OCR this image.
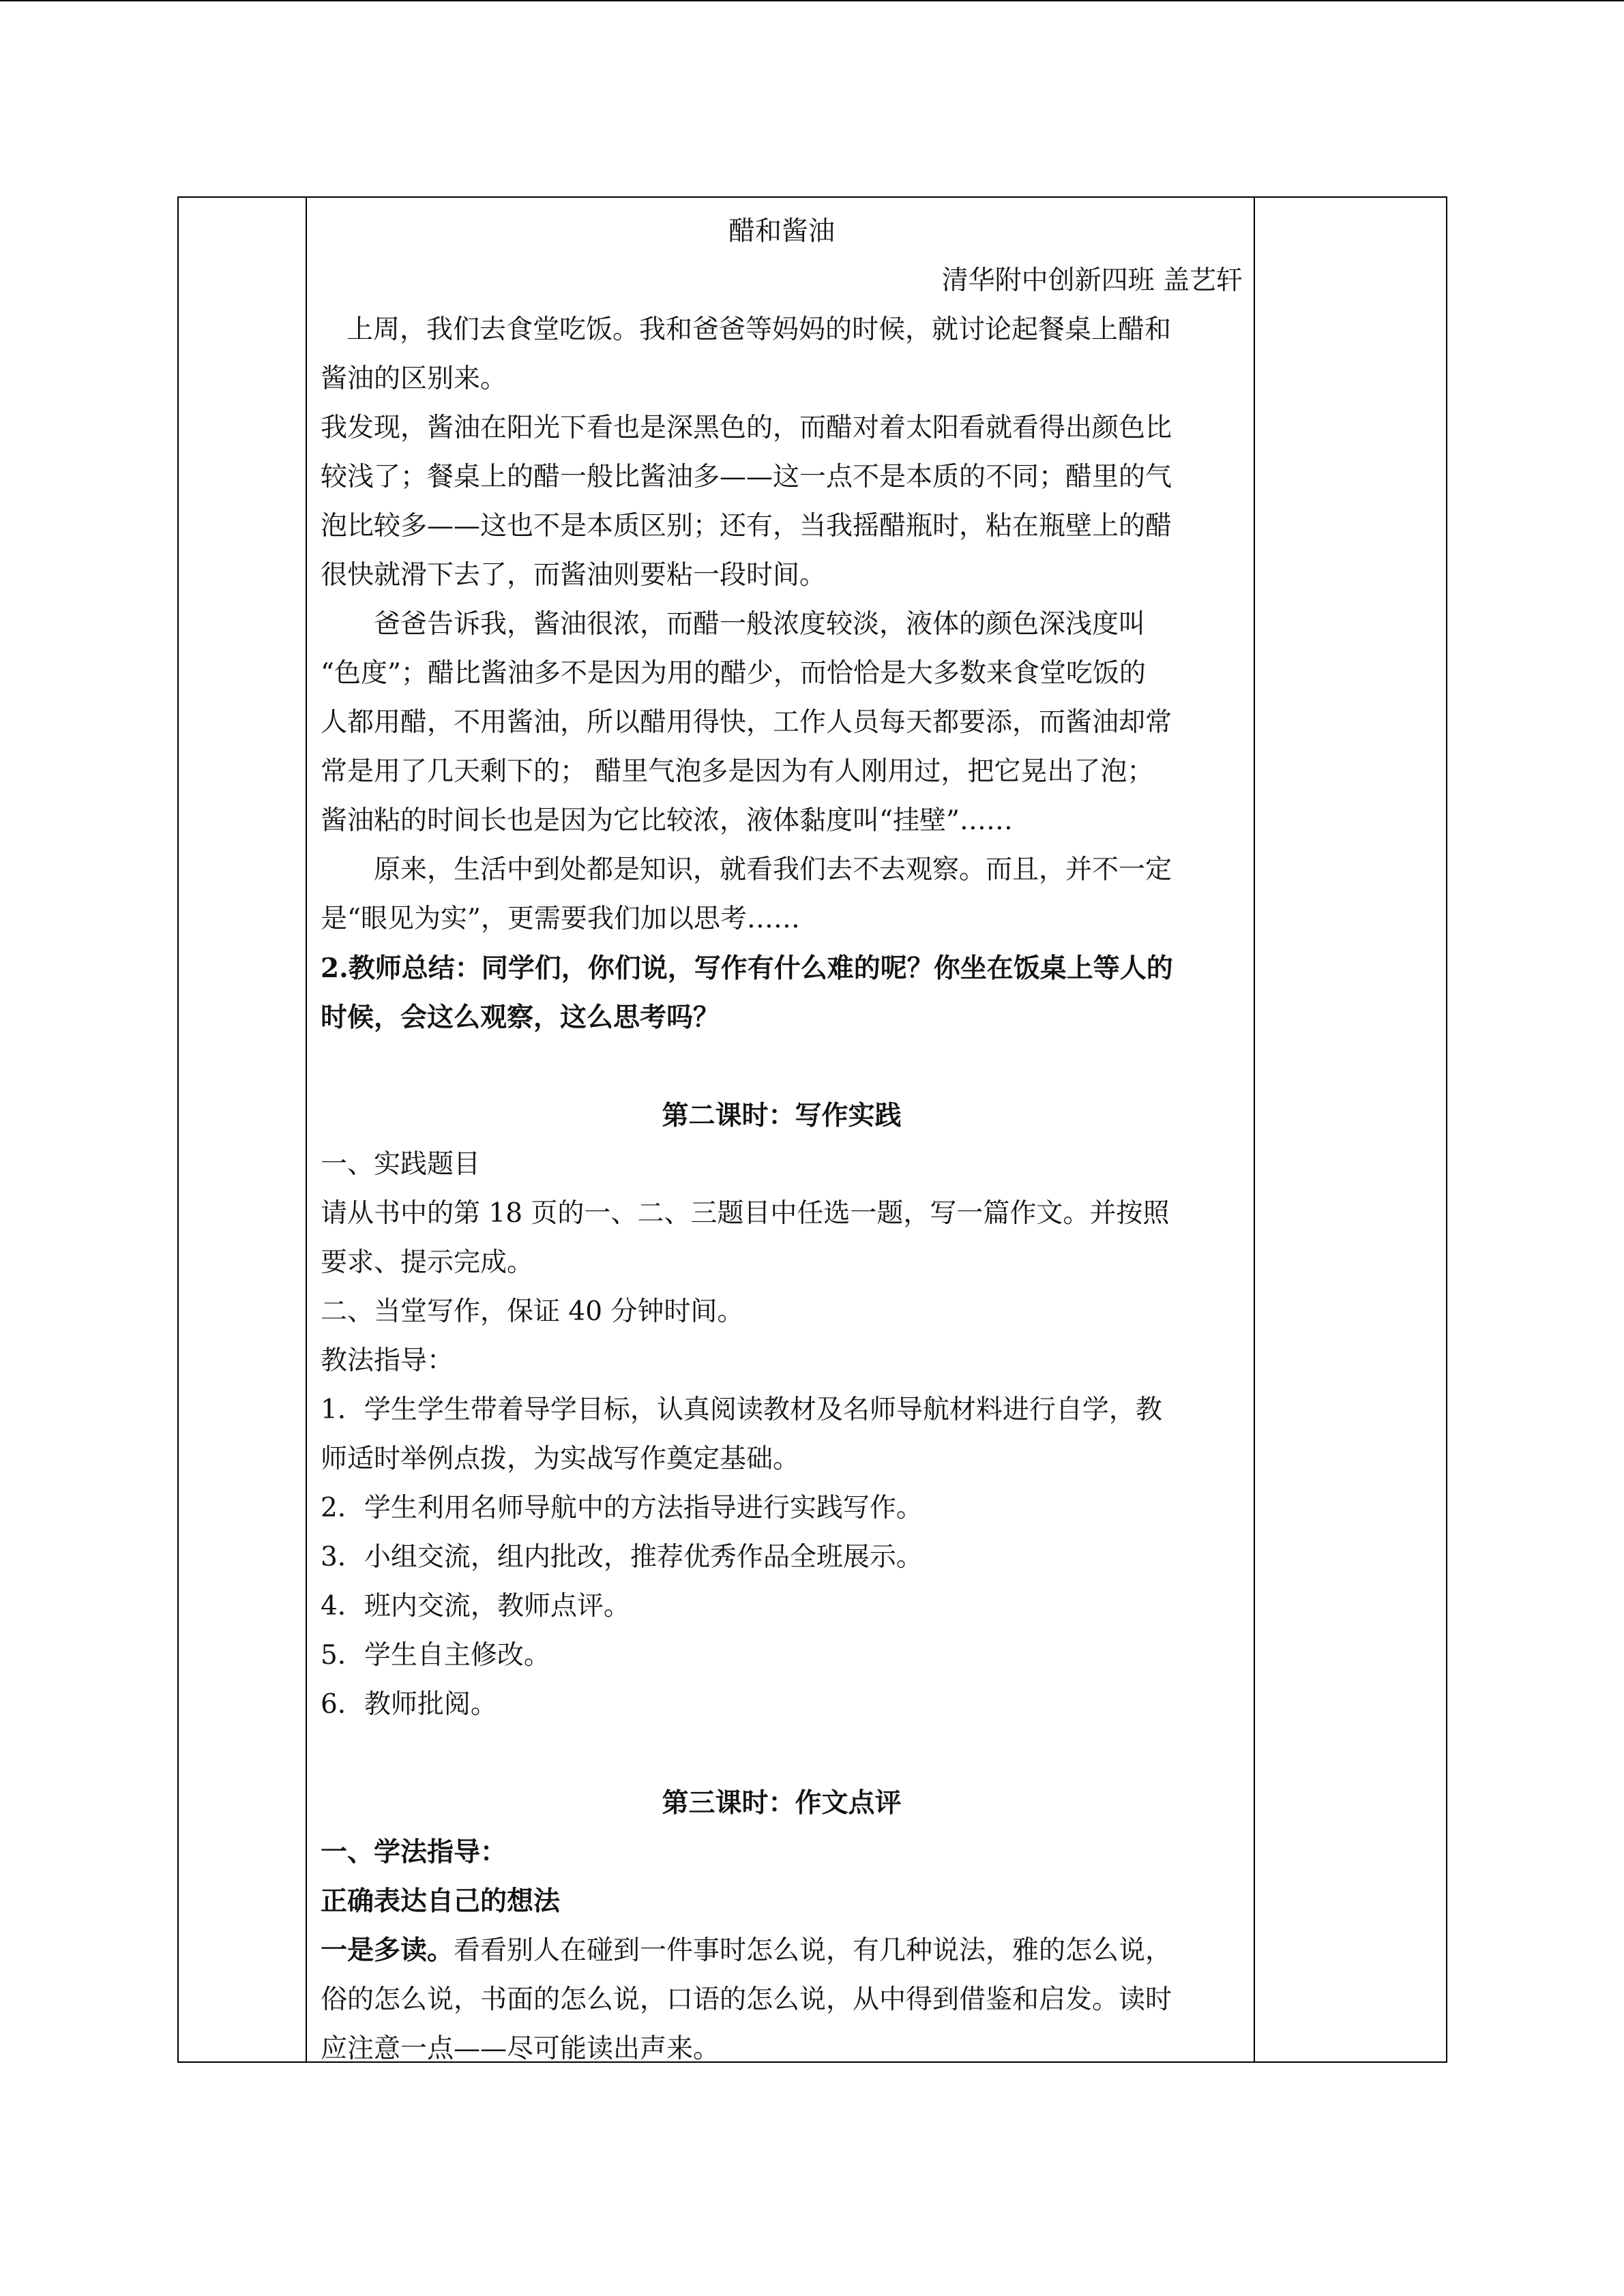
醋和酱油

清华附中创新四班 盖艺轩

上周，我们去食堂吃饭。我和爸爸等妈妈的时候，就讨论起餐桌上醋和

酱油的区别来。

我发现，酱油在阳光下看也是深黑色的，而醋对着太阳看就看得出颜色比

较浅了；餐桌上的醋一般比酱油多——这一点不是本质的不同；醋里的气

泡比较多——这也不是本质区别；还有，当我摇醋瓶时，粘在瓶壁上的醋

很快就滑下去了，而酱油则要粘一段时间。

爸爸告诉我，酱油很浓，而醋一般浓度较淡，液体的颜色深浅度叫

“色度”；醋比酱油多不是因为用的醋少，而恰恰是大多数来食堂吃饭的

人都用醋，不用酱油，所以醋用得快，工作人员每天都要添，而酱油却常

常是用了几天剩下的； 醋里气泡多是因为有人刚用过，把它晃出了泡；

酱油粘的时间长也是因为它比较浓，液体黏度叫“挂壁”……

原来，生活中到处都是知识，就看我们去不去观察。而且，并不一定

是“眼见为实”，更需要我们加以思考……

2.教师总结：同学们，你们说，写作有什么难的呢？你坐在饭桌上等人的

时候，会这么观察，这么思考吗？

第二课时：写作实践

一、实践题目

请从书中的第 18 页的一、二、三题目中任选一题，写一篇作文。并按照

要求、提示完成。

二、当堂写作，保证 40 分钟时间。

教法指导：

1．学生学生带着导学目标，认真阅读教材及名师导航材料进行自学，教

师适时举例点拨，为实战写作奠定基础。

2．学生利用名师导航中的方法指导进行实践写作。

3．小组交流，组内批改，推荐优秀作品全班展示。

4．班内交流，教师点评。

5．学生自主修改。

6．教师批阅。

第三课时：作文点评

一、学法指导：

正确表达自己的想法

一是多读。看看别人在碰到一件事时怎么说，有几种说法，雅的怎么说，

俗的怎么说，书面的怎么说，口语的怎么说，从中得到借鉴和启发。读时

应注意一点——尽可能读出声来。
